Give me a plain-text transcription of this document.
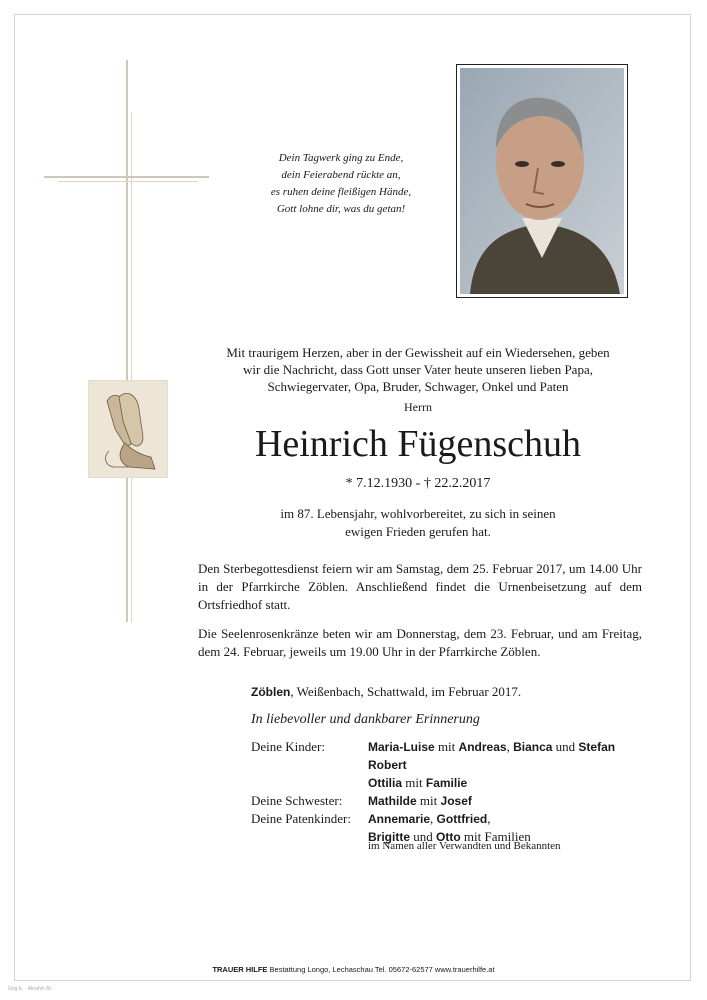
Dein Tagwerk ging zu Ende,
dein Feierabend rückte an,
es ruhen deine fleißigen Hände,
Gott lohne dir, was du getan!

Mit traurigem Herzen, aber in der Gewissheit auf ein Wiedersehen, geben

wir die Nachricht, dass Gott unser Vater heute unseren lieben Papa,

Schwiegervater, Opa, Bruder, Schwager, Onkel und Paten

Herrn
Heinrich Fügenschuh
* 7.12.1930 - † 22.2.2017

im 87. Lebensjahr, wohlvorbereitet, zu sich in seinen

ewigen Frieden gerufen hat.

Den Sterbegottesdienst feiern wir am Samstag, dem 25. Februar 2017, um 14.00 Uhr in der Pfarrkirche Zöblen. Anschließend findet die Urnenbeisetzung auf dem Ortsfriedhof statt.

Die Seelenrosenkränze beten wir am Donnerstag, dem 23. Februar, und am Freitag, dem 24. Februar, jeweils um 19.00 Uhr in der Pfarrkirche Zöblen.

Zöblen, Weißenbach, Schattwald, im Februar 2017.
In liebevoller und dankbarer Erinnerung
Deine Kinder:	Maria-Luise mit Andreas, Bianca und Stefan
Robert
Ottilia mit Familie
Deine Schwester:	Mathilde mit Josef
Deine Patenkinder:	Annemarie, Gottfried,
Brigitte und Otto mit Familien
im Namen aller Verwandten und Bekannten
TRAUER HILFE Bestattung Longo, Lechaschau Tel. 05672-62577 www.trauerhilfe.at
Grig E. - Akrahm Br.
